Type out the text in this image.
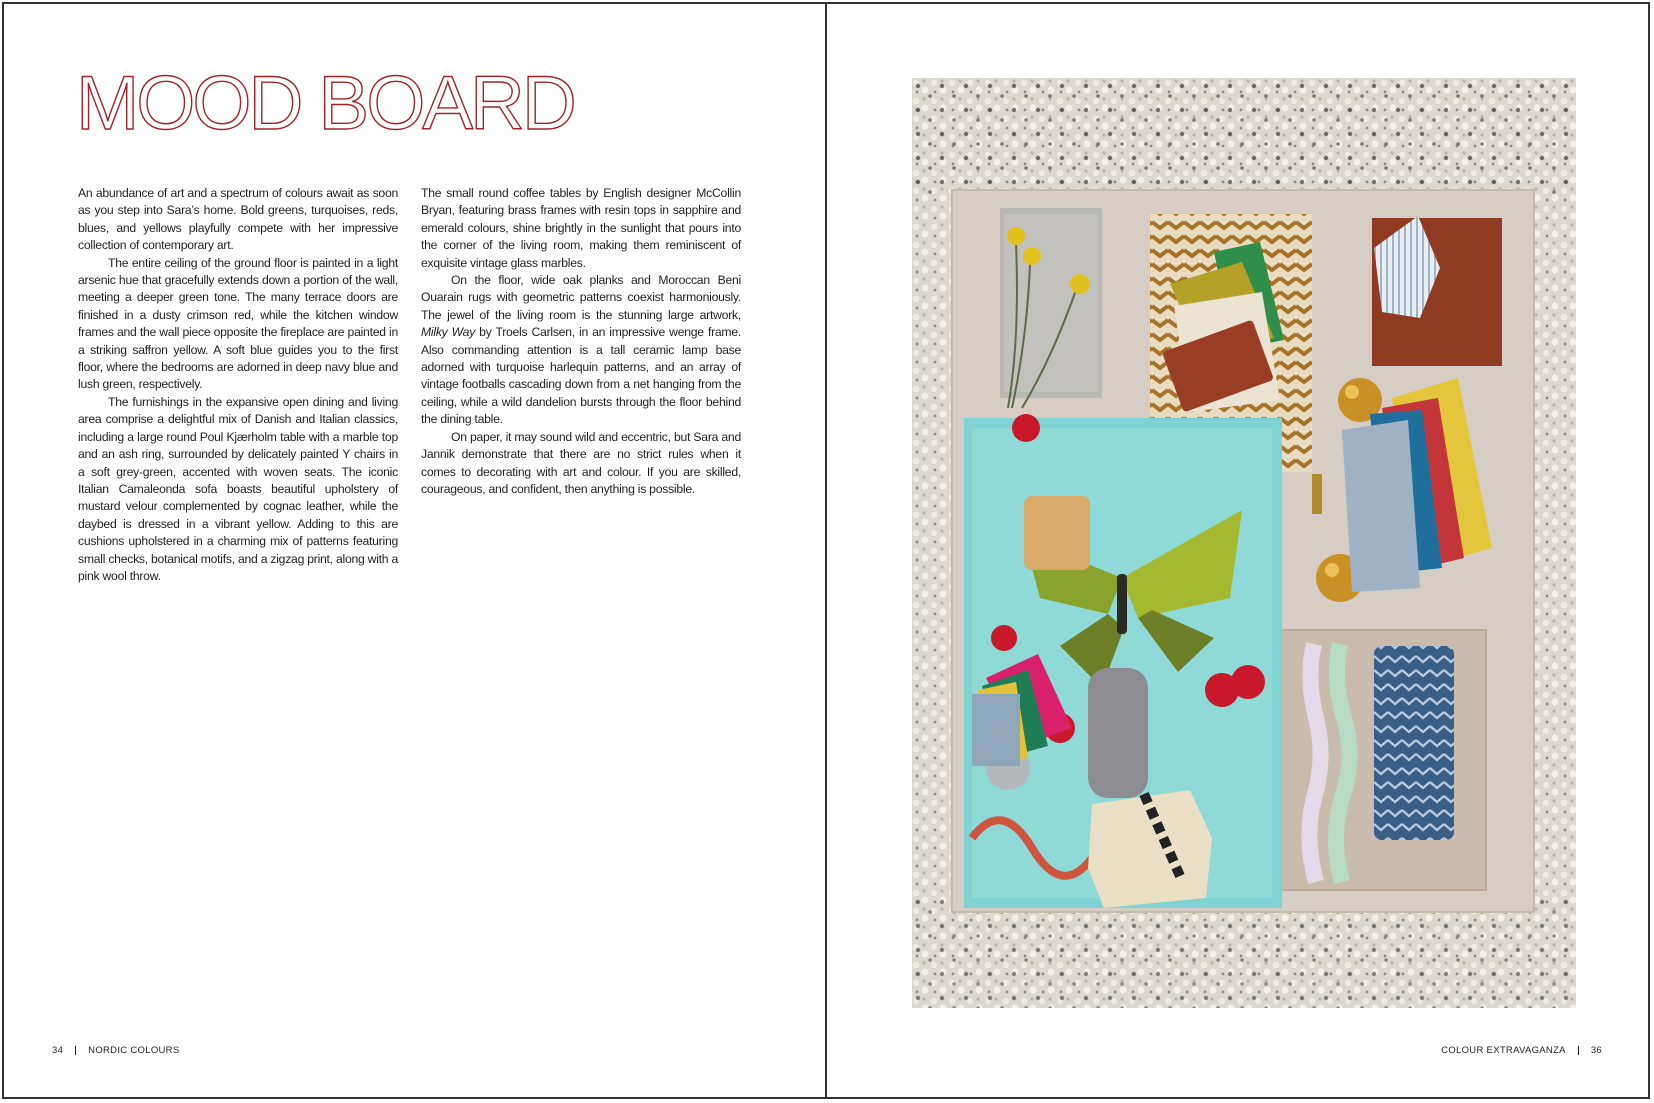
MOOD BOARD

An abundance of art and a spectrum of colours await as soon as you step into Sara’s home. Bold greens, turquoises, reds, blues, and yellows playfully compete with her impressive collection of contemporary art.

The entire ceiling of the ground floor is painted in a light arsenic hue that gracefully extends down a portion of the wall, meeting a deeper green tone. The many terrace doors are finished in a dusty crimson red, while the kitchen window frames and the wall piece opposite the fireplace are painted in a striking saffron yellow. A soft blue guides you to the first floor, where the bedrooms are adorned in deep navy blue and lush green, respectively.

The furnishings in the expansive open dining and living area comprise a delightful mix of Danish and Italian classics, including a large round Poul Kjærholm table with a marble top and an ash ring, surrounded by delicately painted Y chairs in a soft grey-green, accented with woven seats. The iconic Italian Camaleonda sofa boasts beautiful upholstery of mustard velour complemented by cognac leather, while the daybed is dressed in a vibrant yellow. Adding to this are cushions upholstered in a charming mix of patterns featuring small checks, botanical motifs, and a zigzag print, along with a pink wool throw.

The small round coffee tables by English designer McCollin Bryan, featuring brass frames with resin tops in sapphire and emerald colours, shine brightly in the sunlight that pours into the corner of the living room, making them reminiscent of exquisite vintage glass marbles.

On the floor, wide oak planks and Moroccan Beni Ouarain rugs with geometric patterns coexist harmoniously. The jewel of the living room is the stunning large artwork, Milky Way by Troels Carlsen, in an impressive wenge frame. Also commanding attention is a tall ceramic lamp base adorned with turquoise harlequin patterns, and an array of vintage footballs cascading down from a net hanging from the ceiling, while a wild dandelion bursts through the floor behind the dining table.

On paper, it may sound wild and eccentric, but Sara and Jannik demonstrate that there are no strict rules when it comes to decorating with art and colour. If you are skilled, courageous, and confident, then anything is possible.

34	NORDIC COLOURS	COLOUR EXTRAVAGANZA	36
